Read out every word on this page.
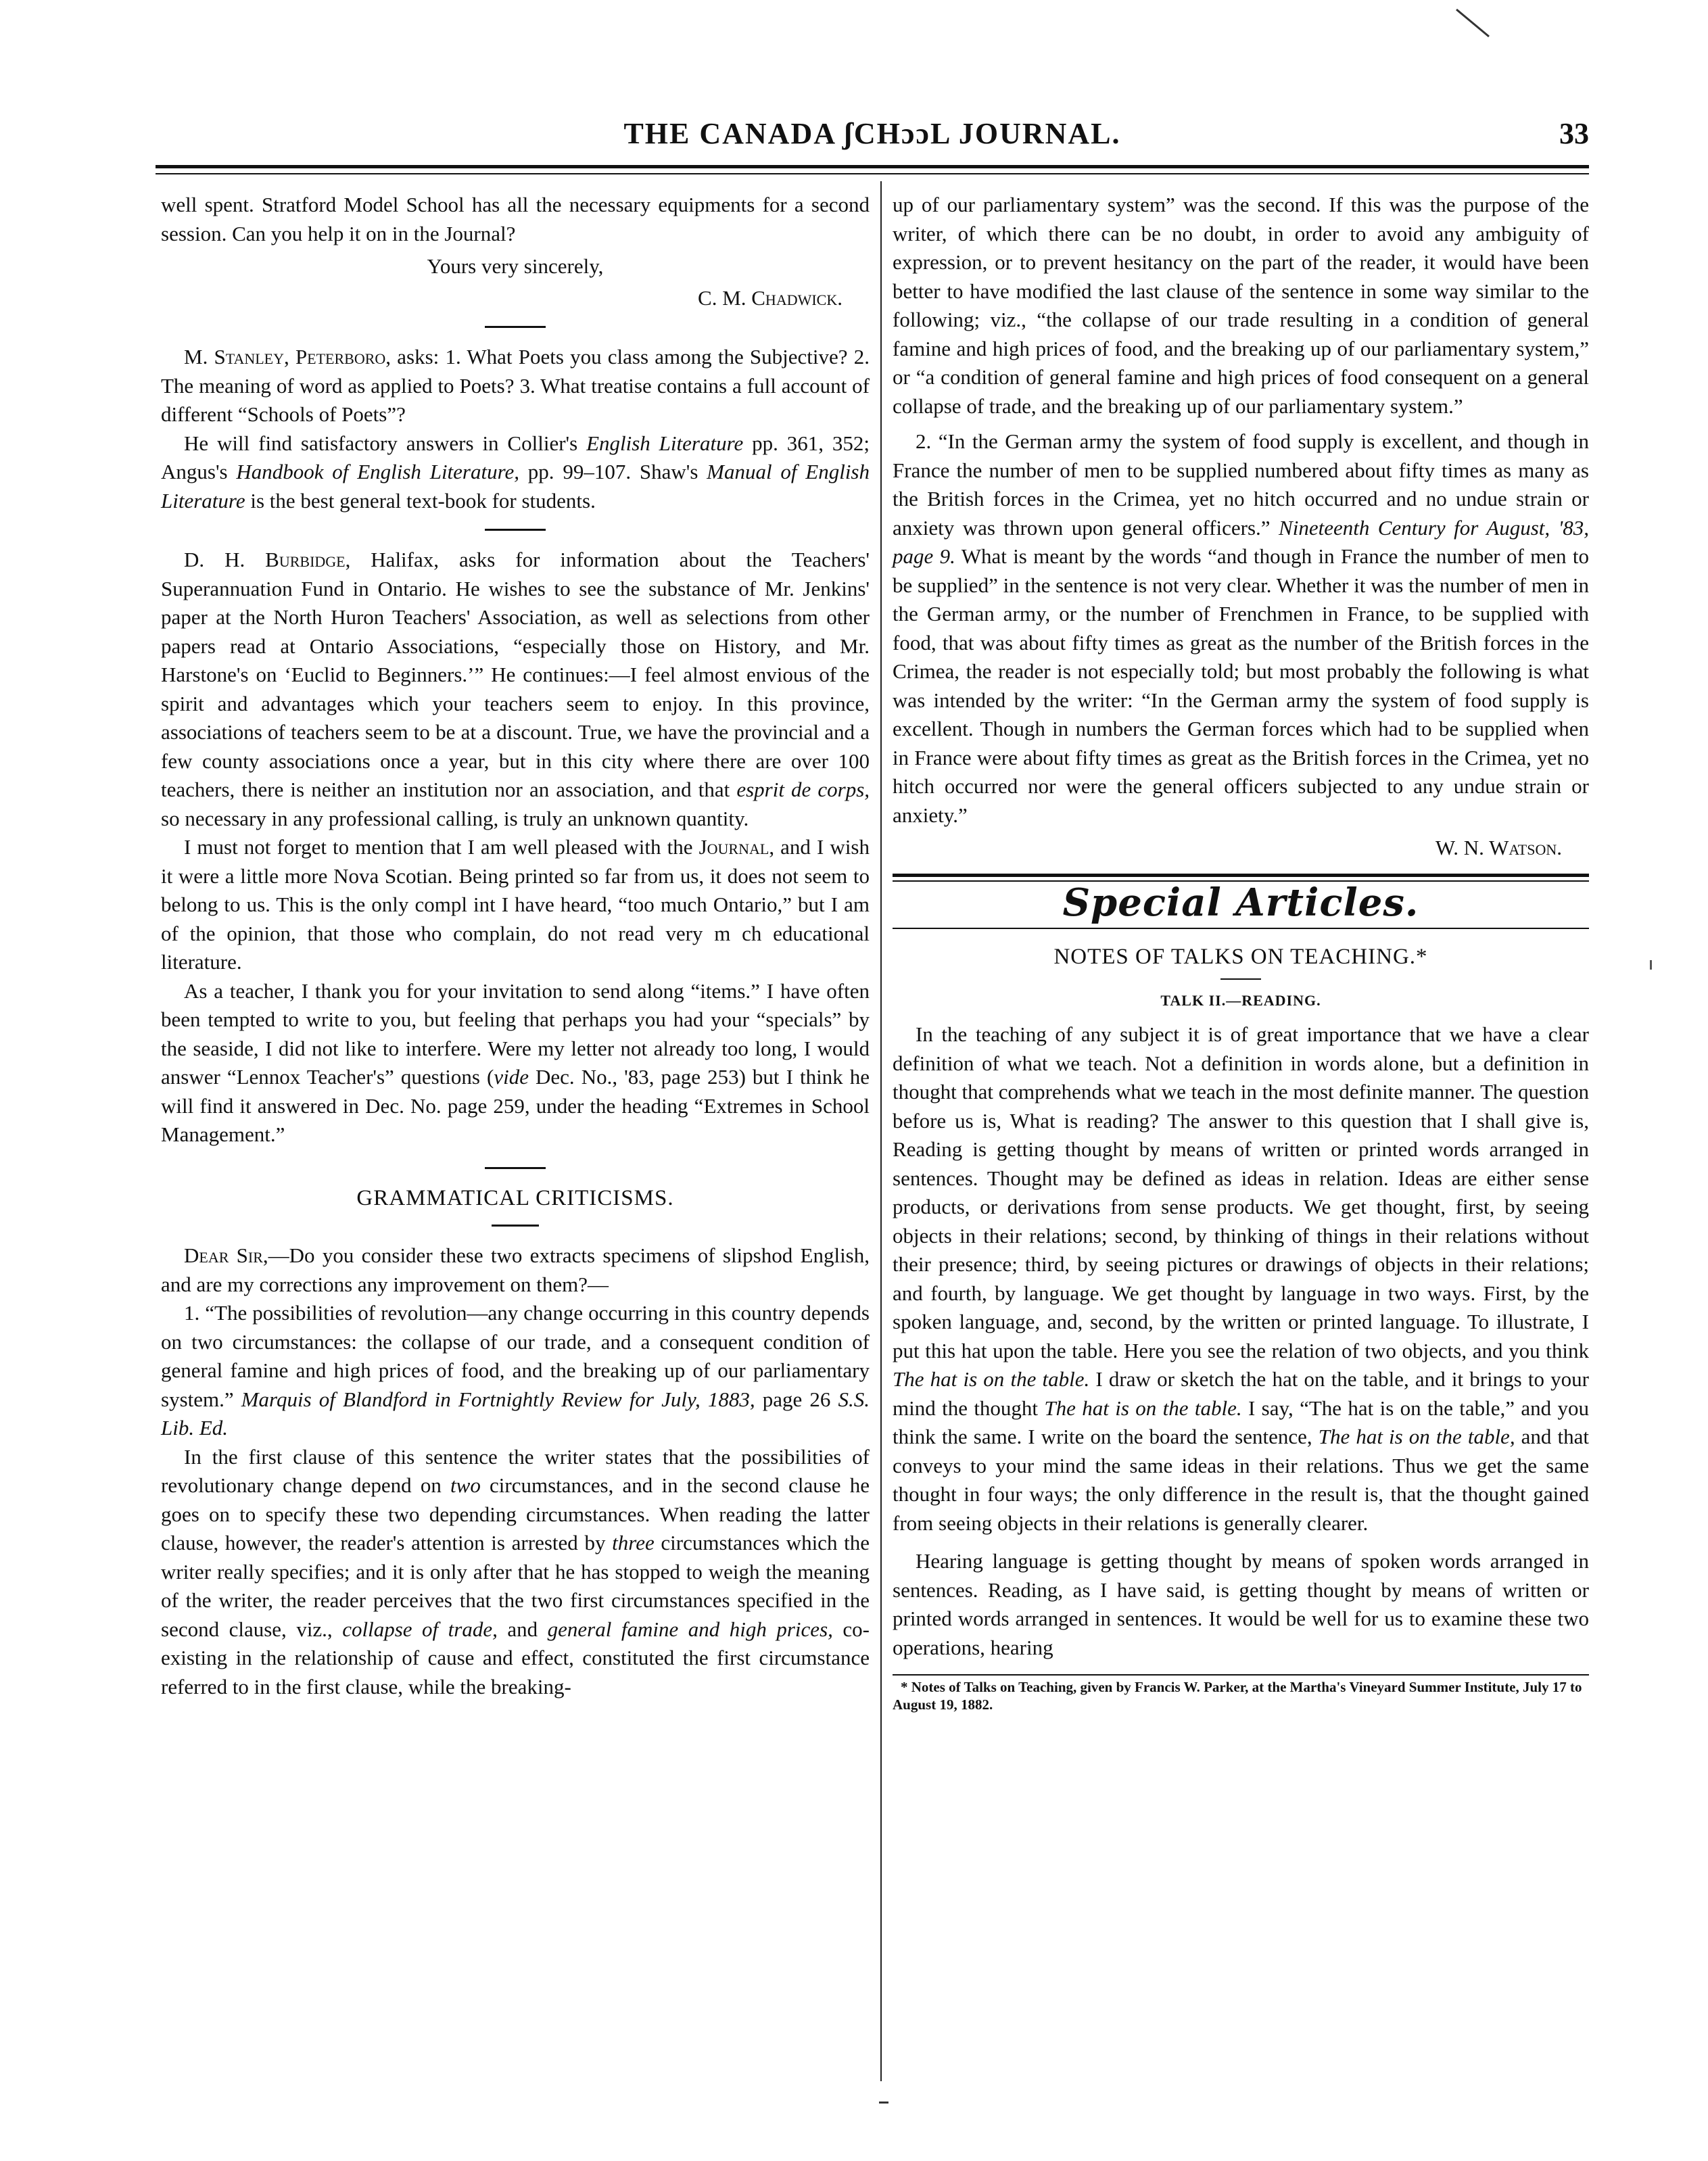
THE CANADA ʃCHɔɔL JOURNAL.	33

well spent. Stratford Model School has all the necessary equipments for a second session. Can you help it on in the Journal?

Yours very sincerely,
C. M. Chadwick.

M. Stanley, Peterboro, asks: 1. What Poets you class among the Subjective? 2. The meaning of word as applied to Poets? 3. What treatise contains a full account of different “Schools of Poets”?

He will find satisfactory answers in Collier's English Literature pp. 361, 352; Angus's Handbook of English Literature, pp. 99–107. Shaw's Manual of English Literature is the best general text-book for students.

D. H. Burbidge, Halifax, asks for information about the Teachers' Superannuation Fund in Ontario. He wishes to see the substance of Mr. Jenkins' paper at the North Huron Teachers' Association, as well as selections from other papers read at Ontario Associations, “especially those on History, and Mr. Harstone's on ‘Euclid to Beginners.’” He continues:—I feel almost envious of the spirit and advantages which your teachers seem to enjoy. In this province, associations of teachers seem to be at a discount. True, we have the provincial and a few county associations once a year, but in this city where there are over 100 teachers, there is neither an institution nor an association, and that esprit de corps, so necessary in any professional calling, is truly an unknown quantity.

I must not forget to mention that I am well pleased with the Journal, and I wish it were a little more Nova Scotian. Being printed so far from us, it does not seem to belong to us. This is the only compl int I have heard, “too much Ontario,” but I am of the opinion, that those who complain, do not read very m ch educational literature.

As a teacher, I thank you for your invitation to send along “items.” I have often been tempted to write to you, but feeling that perhaps you had your “specials” by the seaside, I did not like to interfere. Were my letter not already too long, I would answer “Lennox Teacher's” questions (vide Dec. No., '83, page 253) but I think he will find it answered in Dec. No. page 259, under the heading “Extremes in School Management.”

GRAMMATICAL CRITICISMS.

Dear Sir,—Do you consider these two extracts specimens of slipshod English, and are my corrections any improvement on them?—

1. “The possibilities of revolution—any change occurring in this country depends on two circumstances: the collapse of our trade, and a consequent condition of general famine and high prices of food, and the breaking up of our parliamentary system.” Marquis of Blandford in Fortnightly Review for July, 1883, page 26 S.S. Lib. Ed.

In the first clause of this sentence the writer states that the possibilities of revolutionary change depend on two circumstances, and in the second clause he goes on to specify these two depending circumstances. When reading the latter clause, however, the reader's attention is arrested by three circumstances which the writer really specifies; and it is only after that he has stopped to weigh the meaning of the writer, the reader perceives that the two first circumstances specified in the second clause, viz., collapse of trade, and general famine and high prices, co-existing in the relationship of cause and effect, constituted the first circumstance referred to in the first clause, while the breaking-

up of our parliamentary system” was the second. If this was the purpose of the writer, of which there can be no doubt, in order to avoid any ambiguity of expression, or to prevent hesitancy on the part of the reader, it would have been better to have modified the last clause of the sentence in some way similar to the following; viz., “the collapse of our trade resulting in a condition of general famine and high prices of food, and the breaking up of our parliamentary system,” or “a condition of general famine and high prices of food consequent on a general collapse of trade, and the breaking up of our parliamentary system.”

2. “In the German army the system of food supply is excellent, and though in France the number of men to be supplied numbered about fifty times as many as the British forces in the Crimea, yet no hitch occurred and no undue strain or anxiety was thrown upon general officers.” Nineteenth Century for August, '83, page 9. What is meant by the words “and though in France the number of men to be supplied” in the sentence is not very clear. Whether it was the number of men in the German army, or the number of Frenchmen in France, to be supplied with food, that was about fifty times as great as the number of the British forces in the Crimea, the reader is not especially told; but most probably the following is what was intended by the writer: “In the German army the system of food supply is excellent. Though in numbers the German forces which had to be supplied when in France were about fifty times as great as the British forces in the Crimea, yet no hitch occurred nor were the general officers subjected to any undue strain or anxiety.”

W. N. Watson.
Special Articles.
NOTES OF TALKS ON TEACHING.*
TALK II.—READING.

In the teaching of any subject it is of great importance that we have a clear definition of what we teach. Not a definition in words alone, but a definition in thought that comprehends what we teach in the most definite manner. The question before us is, What is reading? The answer to this question that I shall give is, Reading is getting thought by means of written or printed words arranged in sentences. Thought may be defined as ideas in relation. Ideas are either sense products, or derivations from sense products. We get thought, first, by seeing objects in their relations; second, by thinking of things in their relations without their presence; third, by seeing pictures or drawings of objects in their relations; and fourth, by language. We get thought by language in two ways. First, by the spoken language, and, second, by the written or printed language. To illustrate, I put this hat upon the table. Here you see the relation of two objects, and you think The hat is on the table. I draw or sketch the hat on the table, and it brings to your mind the thought The hat is on the table. I say, “The hat is on the table,” and you think the same. I write on the board the sentence, The hat is on the table, and that conveys to your mind the same ideas in their relations. Thus we get the same thought in four ways; the only difference in the result is, that the thought gained from seeing objects in their relations is generally clearer.

Hearing language is getting thought by means of spoken words arranged in sentences. Reading, as I have said, is getting thought by means of written or printed words arranged in sentences. It would be well for us to examine these two operations, hearing

* Notes of Talks on Teaching, given by Francis W. Parker, at the Martha's Vineyard Summer Institute, July 17 to August 19, 1882.
